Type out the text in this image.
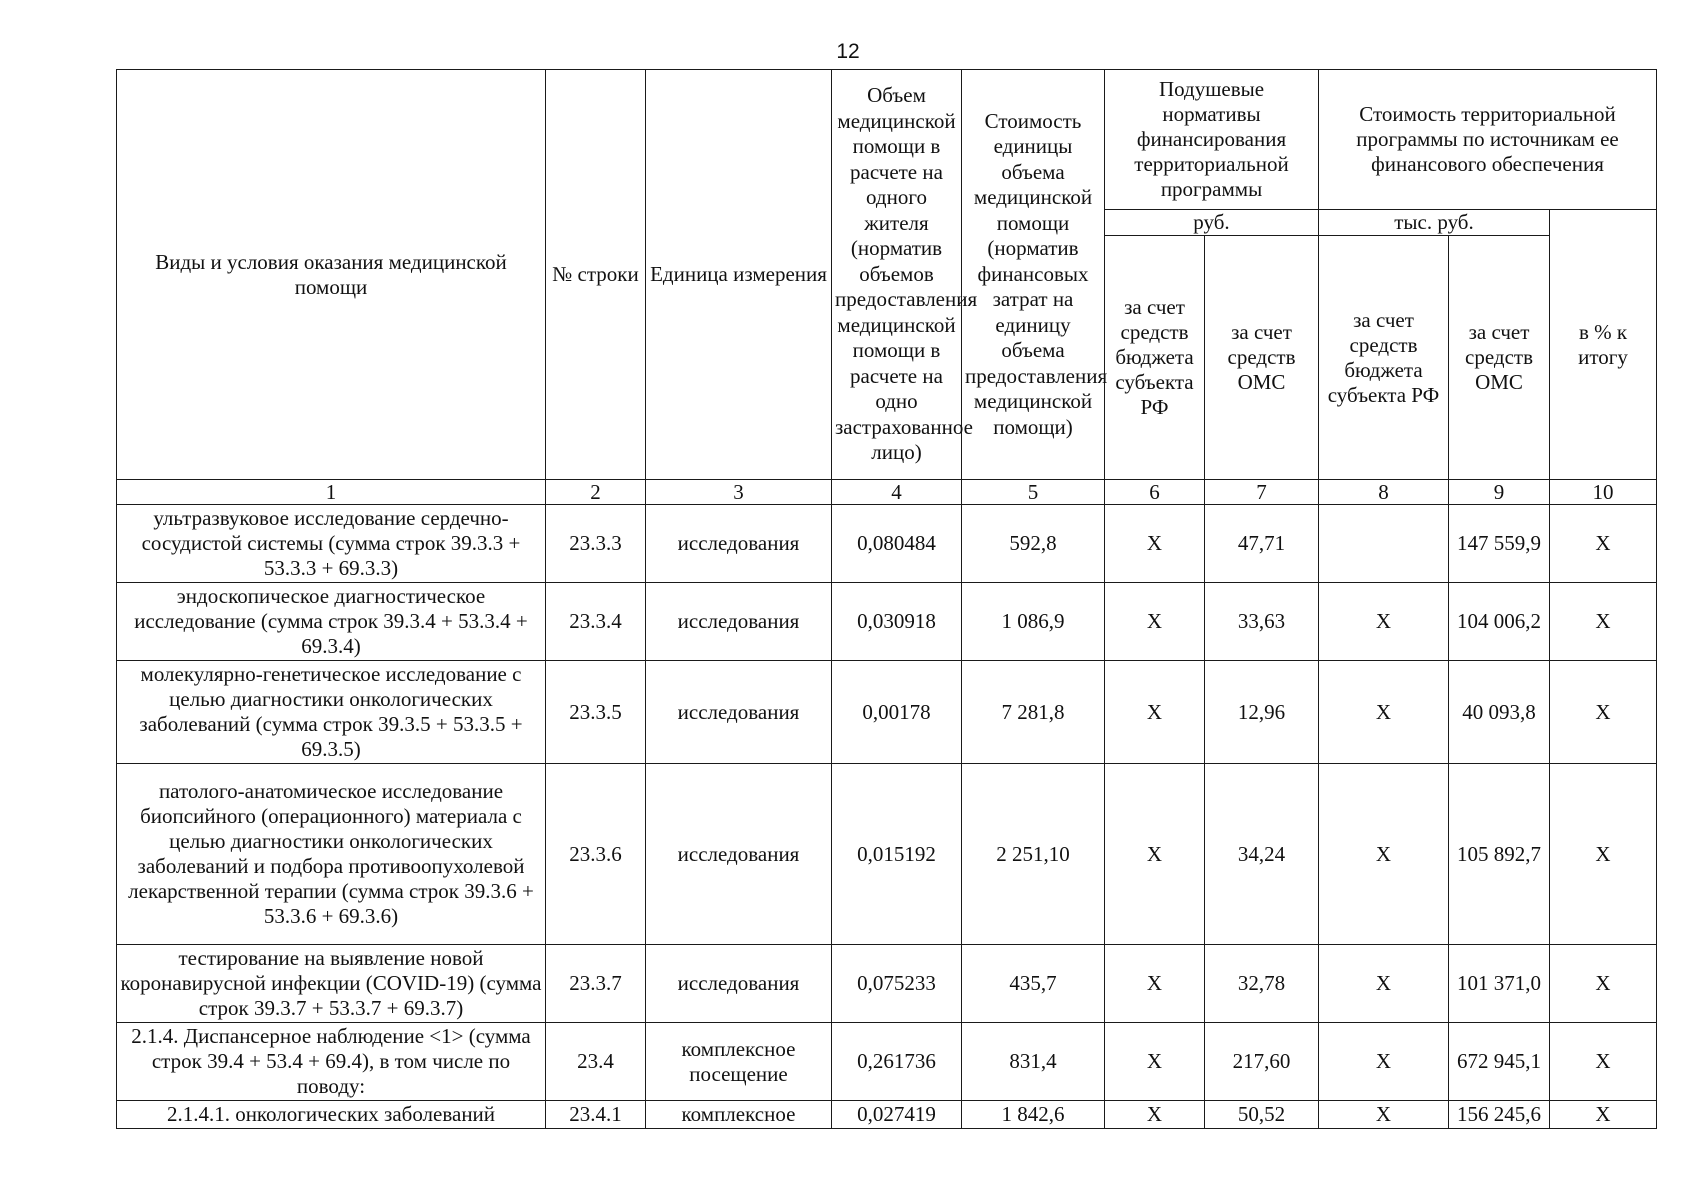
12
Виды и условия оказания медицинской помощи	№ строки	Единица измерения	Объем медицинской помощи в расчете на одного жителя (норматив объемов предоставления медицинской помощи в расчете на одно застрахованное лицо)	Стоимость единицы объема медицинской помощи (норматив финансовых затрат на единицу объема предоставления медицинской помощи)	Подушевые нормативы финансирования территориальной программы		Стоимость территориальной программы по источникам ее финансового обеспечения		
					руб.		тыс. руб.		в % к итогу
					за счет средств бюджета субъекта РФ	за счет средств ОМС	за счет средств бюджета субъекта РФ	за счет средств ОМС	
1	2	3	4	5	6	7	8	9	10
ультразвуковое исследование сердечно-сосудистой системы (сумма строк 39.3.3 + 53.3.3 + 69.3.3)	23.3.3	исследования	0,080484	592,8	Х	47,71		147 559,9	Х
эндоскопическое диагностическое исследование (сумма строк 39.3.4 + 53.3.4 + 69.3.4)	23.3.4	исследования	0,030918	1 086,9	Х	33,63	Х	104 006,2	Х
молекулярно-генетическое исследование с целью диагностики онкологических заболеваний (сумма строк 39.3.5 + 53.3.5 + 69.3.5)	23.3.5	исследования	0,00178	7 281,8	Х	12,96	Х	40 093,8	Х
патолого-анатомическое исследование биопсийного (операционного) материала с целью диагностики онкологических заболеваний и подбора противоопухолевой лекарственной терапии (сумма строк 39.3.6 + 53.3.6 + 69.3.6)	23.3.6	исследования	0,015192	2 251,10	Х	34,24	Х	105 892,7	Х
тестирование на выявление новой коронавирусной инфекции (COVID-19) (сумма строк 39.3.7 + 53.3.7 + 69.3.7)	23.3.7	исследования	0,075233	435,7	Х	32,78	Х	101 371,0	Х
2.1.4. Диспансерное наблюдение <1> (сумма строк 39.4 + 53.4 + 69.4), в том числе по поводу:	23.4	комплексное посещение	0,261736	831,4	Х	217,60	Х	672 945,1	Х
2.1.4.1. онкологических заболеваний	23.4.1	комплексное	0,027419	1 842,6	Х	50,52	Х	156 245,6	Х
